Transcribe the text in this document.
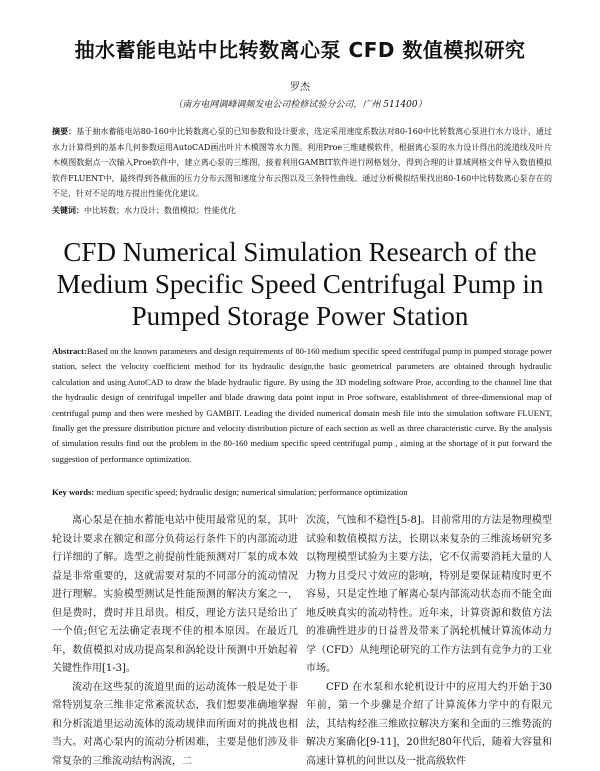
抽水蓄能电站中比转数离心泵 CFD 数值模拟研究
罗杰
（南方电网调峰调频发电公司检修试验分公司，广州 511400）
摘要：基于抽水蓄能电站80-160中比转数离心泵的已知参数和设计要求，选定采用速度系数法对80-160中比转数离心泵进行水力设计，通过水力计算得到的基本几何参数运用AutoCAD画出叶片木模图等水力图。利用Proe三维建模软件，根据离心泵的水力设计得出的流道线及叶片木模图数据点一次输入Proe软件中，建立离心泵的三维图，接着利用GAMBIT软件进行网格划分，得到合理的计算域网格文件导入数值模拟软件FLUENT中，最终得到各截面的压力分布云图和速度分布云图以及三条特性曲线。通过分析模拟结果找出80-160中比转数离心泵存在的不足，针对不足的地方提出性能优化建议。
关键词：中比转数；水力设计；数值模拟；性能优化
CFD Numerical Simulation Research of the Medium Specific Speed Centrifugal Pump in Pumped Storage Power Station
Abstract:Based on the known parameters and design requirements of 80-160 medium specific speed centrifugal pump in pumped storage power station, select the velocity coefficient method for its hydraulic design,the basic geometrical parameters are obtained through hydraulic calculation and using AutoCAD to draw the blade hydraulic figure. By using the 3D modeling software Proe, according to the channel line that the hydraulic design of centrifugal impeller and blade drawing data point input in Proe software, establishment of three-dimensional map of centrifugal pump and then were meshed by GAMBIT. Leading the divided numerical domain mesh file into the simulation software FLUENT, finally get the pressure distribution picture and velocity distribution picture of each section as well as three characteristic curve. By the analysis of simulation results find out the problem in the 80-160 medium specific speed centrifugal pump , aiming at the shortage of it put forward the suggestion of performance optimization.
Key words: medium specific speed; hydraulic design; numerical simulation; performance optimization

离心泵是在抽水蓄能电站中使用最常见的泵，其叶轮设计要求在额定和部分负荷运行条件下的内部流动进行详细的了解。选型之前提前性能预测对厂泵的成本效益是非常重要的，这就需要对泵的不同部分的流动情况进行理解。实验模型测试是性能预测的解决方案之一，但是费时，费时并且昂贵。相反，理论方法只是给出了一个值;但它无法确定表现不佳的根本原因。在最近几年，数值模拟对成功提高泵和涡轮设计预测中开始起着关键性作用[1-3]。

流动在这些泵的流道里面的运动流体一般是处于非常特别复杂三维非定常紊流状态，我们想要准确地掌握和分析流道里运动流体的流动规律而所面对的挑战也相当大。对离心泵内的流动分析困难，主要是他们涉及非常复杂的三维流动结构涡流，二

次流，气蚀和不稳性[5-8]。目前常用的方法是物理模型试验和数值模拟方法，长期以来复杂的三维流场研究多以物理模型试验为主要方法，它不仅需要消耗大量的人力物力且受尺寸效应的影响，特别是要保证精度时更不容易，只是定性地了解离心泵内部流动状态而不能全面地反映真实的流动特性。近年来，计算资源和数值方法的准确性进步的日益普及带来了涡轮机械计算流体动力学（CFD）从纯理论研究的工作方法到有竞争力的工业市场。

CFD 在水泵和水轮机设计中的应用大约开始于30年前，第一个步骤是介绍了计算流体力学中的有限元法，其结构经准三维欧拉解决方案和全面的三维势流的解决方案确化[9-11]，20世纪80年代后，随着大容量和高速计算机的问世以及一批高级软件
